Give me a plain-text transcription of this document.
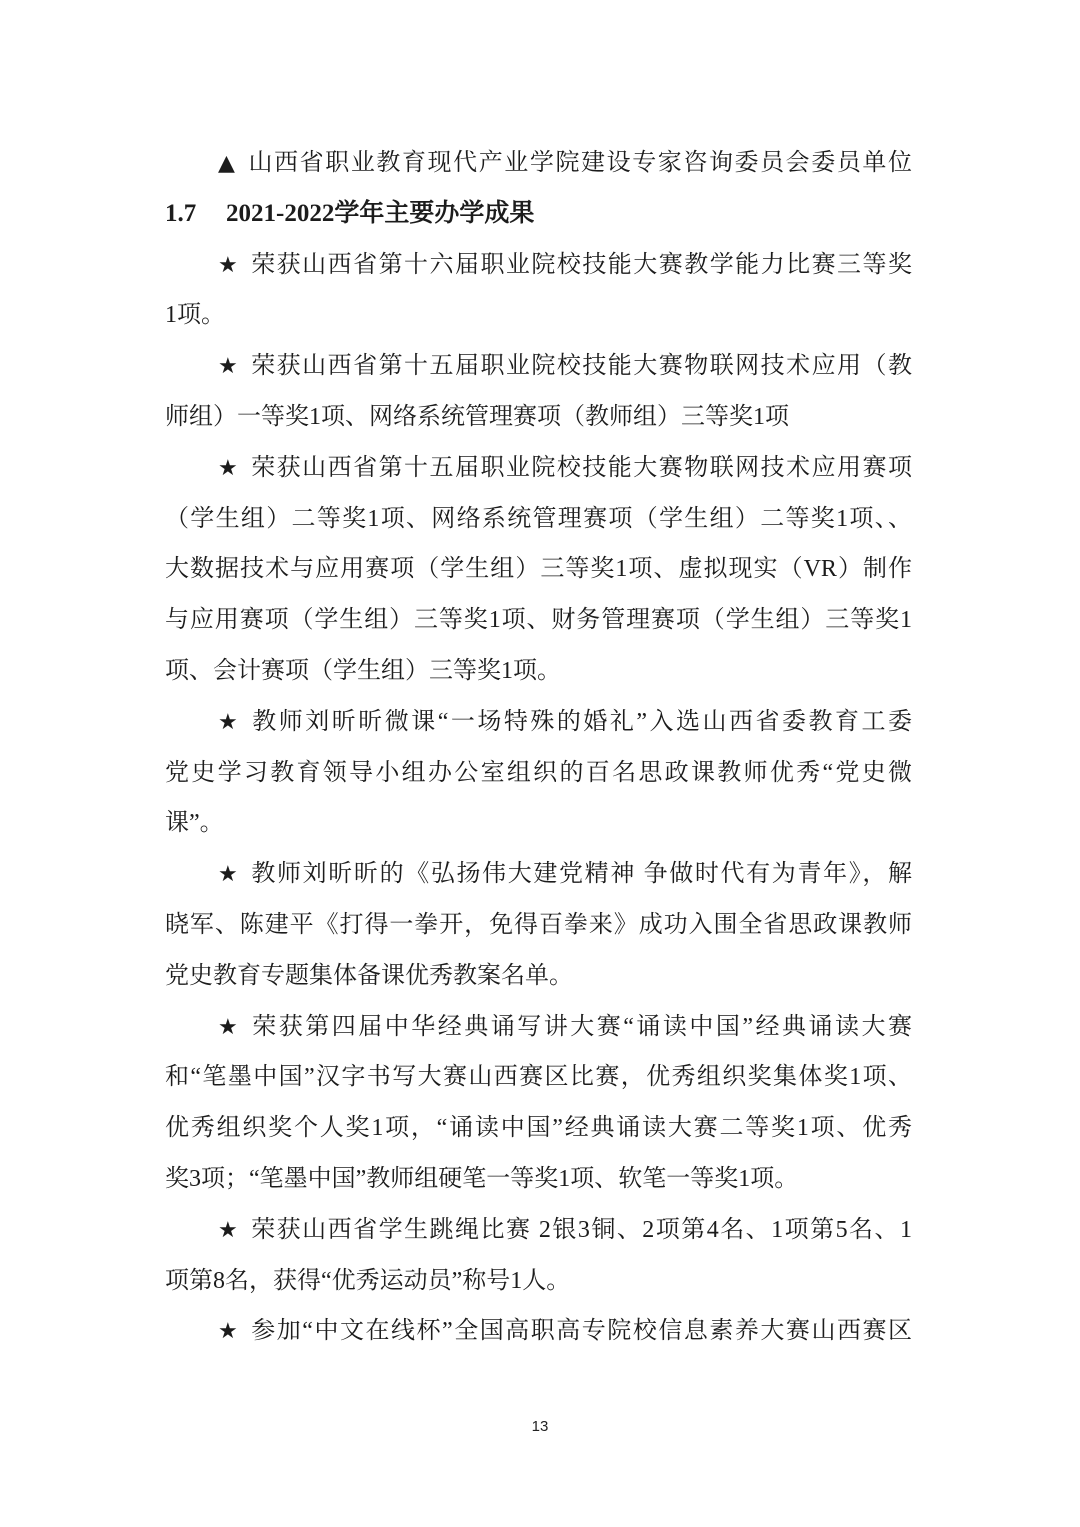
▲ 山西省职业教育现代产业学院建设专家咨询委员会委员单位
1.7 2021-2022学年主要办学成果
★ 荣获山西省第十六届职业院校技能大赛教学能力比赛三等奖
1项。
★ 荣获山西省第十五届职业院校技能大赛物联网技术应用（教
师组）一等奖1项、网络系统管理赛项（教师组）三等奖1项
★ 荣获山西省第十五届职业院校技能大赛物联网技术应用赛项
（学生组）二等奖1项、网络系统管理赛项（学生组）二等奖1项、、
大数据技术与应用赛项（学生组）三等奖1项、虚拟现实（VR）制作
与应用赛项（学生组）三等奖1项、财务管理赛项（学生组）三等奖1
项、会计赛项（学生组）三等奖1项。
★ 教师刘昕昕微课“一场特殊的婚礼”入选山西省委教育工委
党史学习教育领导小组办公室组织的百名思政课教师优秀“党史微
课”。
★ 教师刘昕昕的《弘扬伟大建党精神 争做时代有为青年》，解
晓军、陈建平《打得一拳开，免得百拳来》成功入围全省思政课教师
党史教育专题集体备课优秀教案名单。
★ 荣获第四届中华经典诵写讲大赛“诵读中国”经典诵读大赛
和“笔墨中国”汉字书写大赛山西赛区比赛，优秀组织奖集体奖1项、
优秀组织奖个人奖1项，“诵读中国”经典诵读大赛二等奖1项、优秀
奖3项；“笔墨中国”教师组硬笔一等奖1项、软笔一等奖1项。
★ 荣获山西省学生跳绳比赛 2银3铜、2项第4名、1项第5名、1
项第8名，获得“优秀运动员”称号1人。
★ 参加“中文在线杯”全国高职高专院校信息素养大赛山西赛区
13
